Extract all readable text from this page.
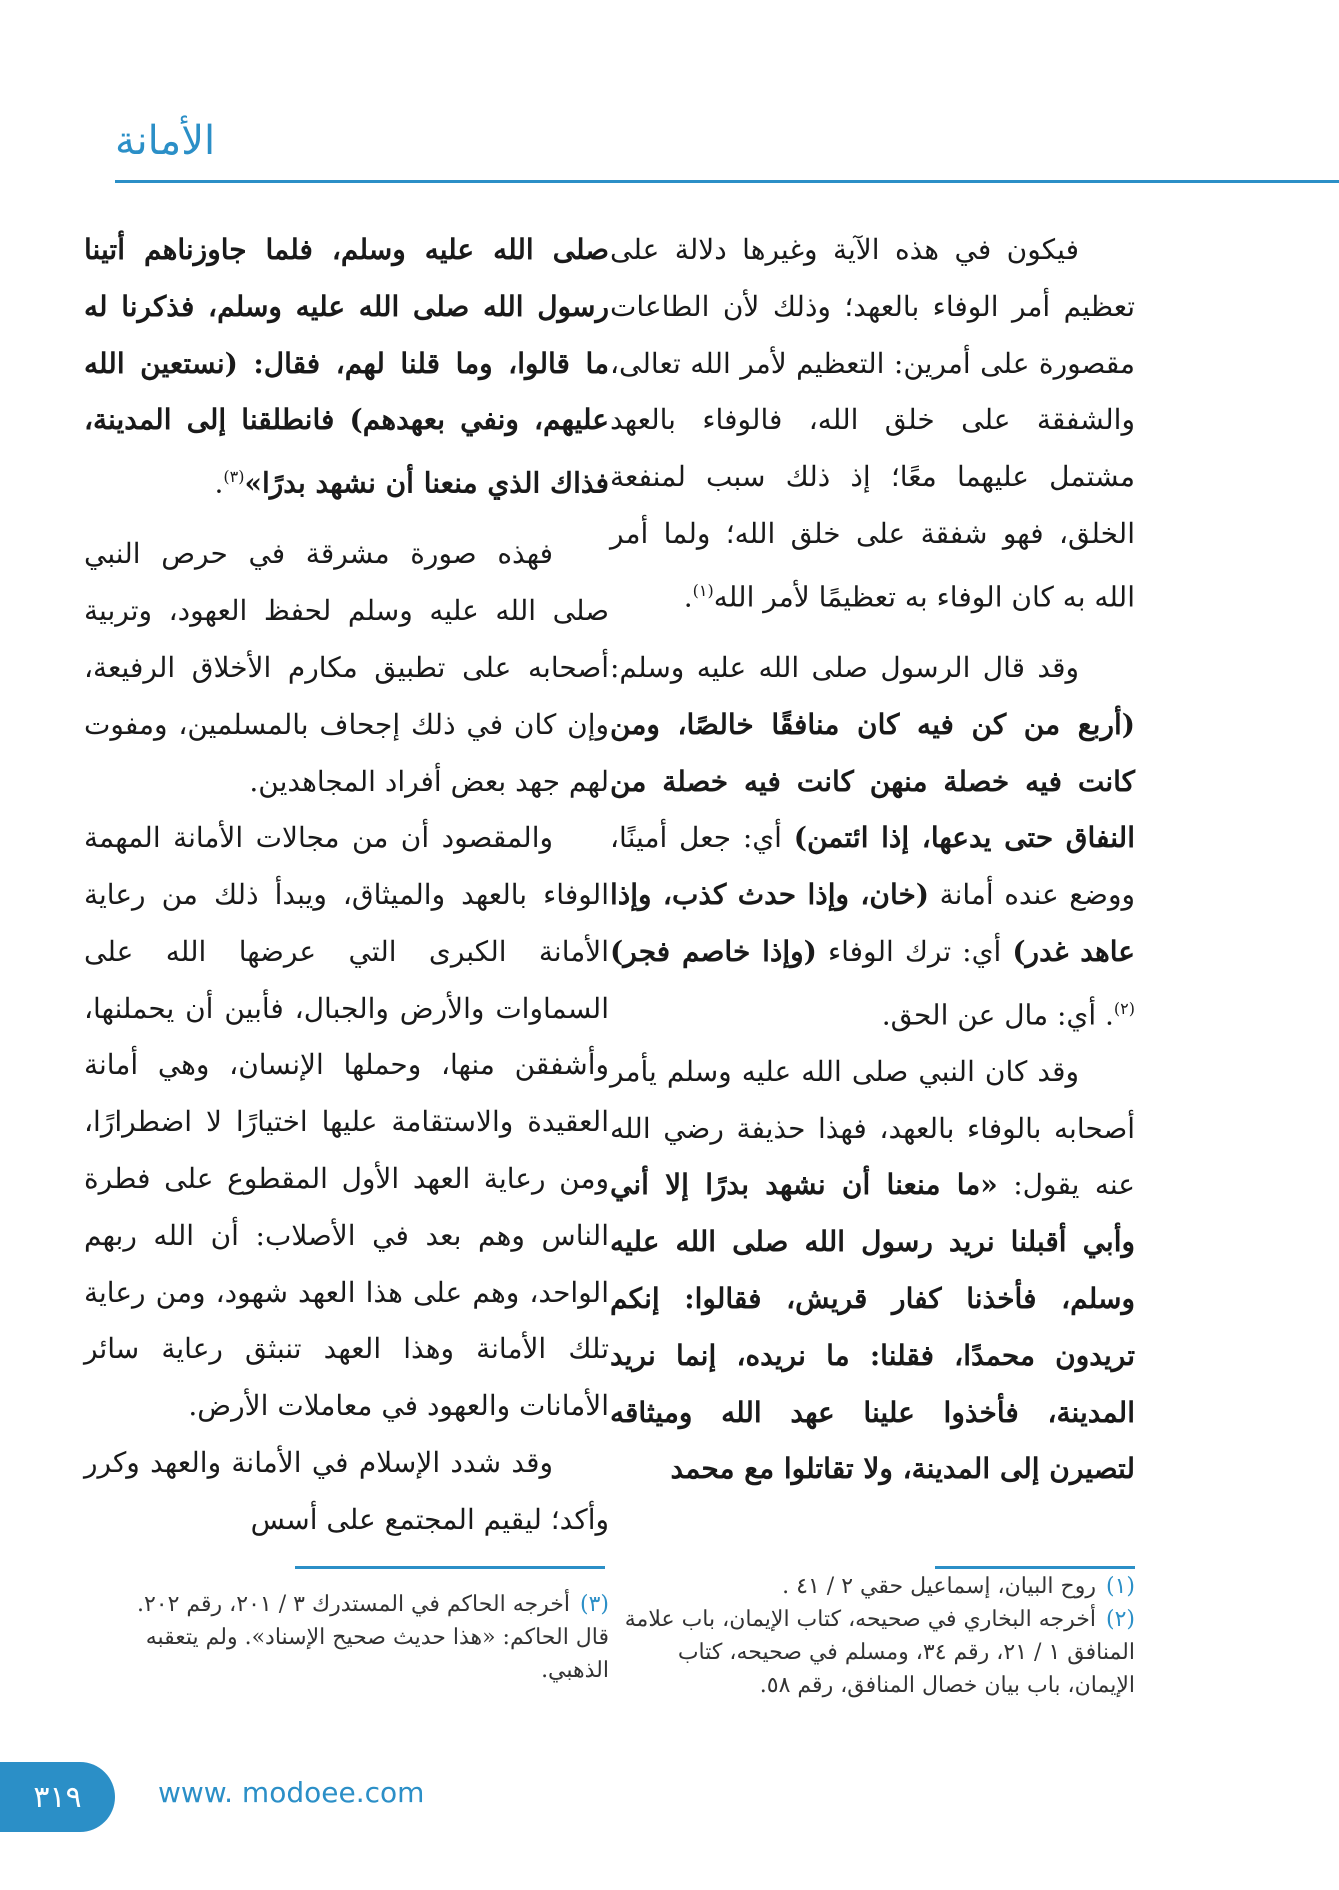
الأمانة

فيكون في هذه الآية وغيرها دلالة على تعظيم أمر الوفاء بالعهد؛ وذلك لأن الطاعات مقصورة على أمرين: التعظيم لأمر الله تعالى، والشفقة على خلق الله، فالوفاء بالعهد مشتمل عليهما معًا؛ إذ ذلك سبب لمنفعة الخلق، فهو شفقة على خلق الله؛ ولما أمر الله به كان الوفاء به تعظيمًا لأمر الله$^{(١)}$.

وقد قال الرسول صلى الله عليه وسلم: (أربع من كن فيه كان منافقًا خالصًا، ومن كانت فيه خصلة منهن كانت فيه خصلة من النفاق حتى يدعها، إذا ائتمن) أي: جعل أمينًا، ووضع عنده أمانة (خان، وإذا حدث كذب، وإذا عاهد غدر) أي: ترك الوفاء (وإذا خاصم فجر)$^{(٢)}$. أي: مال عن الحق.

وقد كان النبي صلى الله عليه وسلم يأمر أصحابه بالوفاء بالعهد، فهذا حذيفة رضي الله عنه يقول: «ما منعنا أن نشهد بدرًا إلا أني وأبي أقبلنا نريد رسول الله صلى الله عليه وسلم، فأخذنا كفار قريش، فقالوا: إنكم تريدون محمدًا، فقلنا: ما نريده، إنما نريد المدينة، فأخذوا علينا عهد الله وميثاقه لتصيرن إلى المدينة، ولا تقاتلوا مع محمد

صلى الله عليه وسلم، فلما جاوزناهم أتينا رسول الله صلى الله عليه وسلم، فذكرنا له ما قالوا، وما قلنا لهم، فقال: (نستعين الله عليهم، ونفي بعهدهم) فانطلقنا إلى المدينة، فذاك الذي منعنا أن نشهد بدرًا»$^{(٣)}$.

فهذه صورة مشرقة في حرص النبي صلى الله عليه وسلم لحفظ العهود، وتربية أصحابه على تطبيق مكارم الأخلاق الرفيعة، وإن كان في ذلك إجحاف بالمسلمين، ومفوت لهم جهد بعض أفراد المجاهدين.

والمقصود أن من مجالات الأمانة المهمة الوفاء بالعهد والميثاق، ويبدأ ذلك من رعاية الأمانة الكبرى التي عرضها الله على السماوات والأرض والجبال، فأبين أن يحملنها، وأشفقن منها، وحملها الإنسان، وهي أمانة العقيدة والاستقامة عليها اختيارًا لا اضطرارًا، ومن رعاية العهد الأول المقطوع على فطرة الناس وهم بعد في الأصلاب: أن الله ربهم الواحد، وهم على هذا العهد شهود، ومن رعاية تلك الأمانة وهذا العهد تنبثق رعاية سائر الأمانات والعهود في معاملات الأرض.

وقد شدد الإسلام في الأمانة والعهد وكرر وأكد؛ ليقيم المجتمع على أسس

(١)روح البيان، إسماعيل حقي ٢ / ٤١ .
(٢)أخرجه البخاري في صحيحه، كتاب الإيمان، باب علامة المنافق ١ / ٢١، رقم ٣٤، ومسلم في صحيحه، كتاب الإيمان، باب بيان خصال المنافق، رقم ٥٨.
(٣)أخرجه الحاكم في المستدرك ٣ / ٢٠١، رقم ٢٠٢.
قال الحاكم: «هذا حديث صحيح الإسناد». ولم يتعقبه الذهبي.
٣١٩	www. modoee.com
